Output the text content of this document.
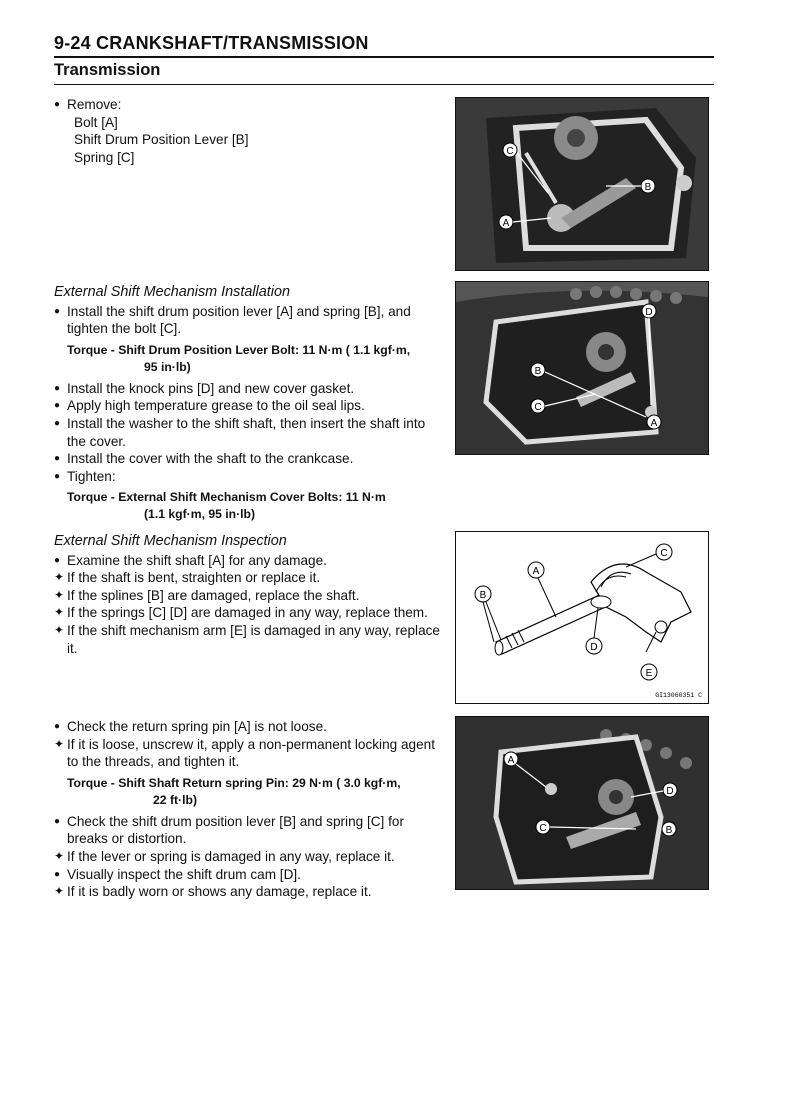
9-24 CRANKSHAFT/TRANSMISSION
Transmission

● Remove:

Bolt [A]

Shift Drum Position Lever [B]

Spring [C]	C
B
A

External Shift Mechanism Installation

● Install the shift drum position lever [A] and spring [B], and tighten the bolt [C].

Torque - Shift Drum Position Lever Bolt: 11 N·m ( 1.1 kgf·m,
95 in·lb)

● Install the knock pins [D] and new cover gasket.

● Apply high temperature grease to the oil seal lips.

● Install the washer to the shift shaft, then insert the shaft into the cover.

● Install the cover with the shaft to the crankcase.

● Tighten:

Torque - External Shift Mechanism Cover Bolts: 11 N·m
(1.1 kgf·m, 95 in·lb)

D
B
C
A

External Shift Mechanism Inspection

● Examine the shift shaft [A] for any damage.

✦ If the shaft is bent, straighten or replace it.

✦ If the splines [B] are damaged, replace the shaft.

✦ If the springs [C] [D] are damaged in any way, replace them.

✦ If the shift mechanism arm [E] is damaged in any way, replace it.

A
B
C
D
E
GI13060351 C

● Check the return spring pin [A] is not loose.

✦ If it is loose, unscrew it, apply a non-permanent locking agent to the threads, and tighten it.

Torque - Shift Shaft Return spring Pin: 29 N·m ( 3.0 kgf·m,
22 ft·lb)

● Check the shift drum position lever [B] and spring [C] for breaks or distortion.

✦ If the lever or spring is damaged in any way, replace it.

● Visually inspect the shift drum cam [D].

✦ If it is badly worn or shows any damage, replace it.

A
D
C	B
